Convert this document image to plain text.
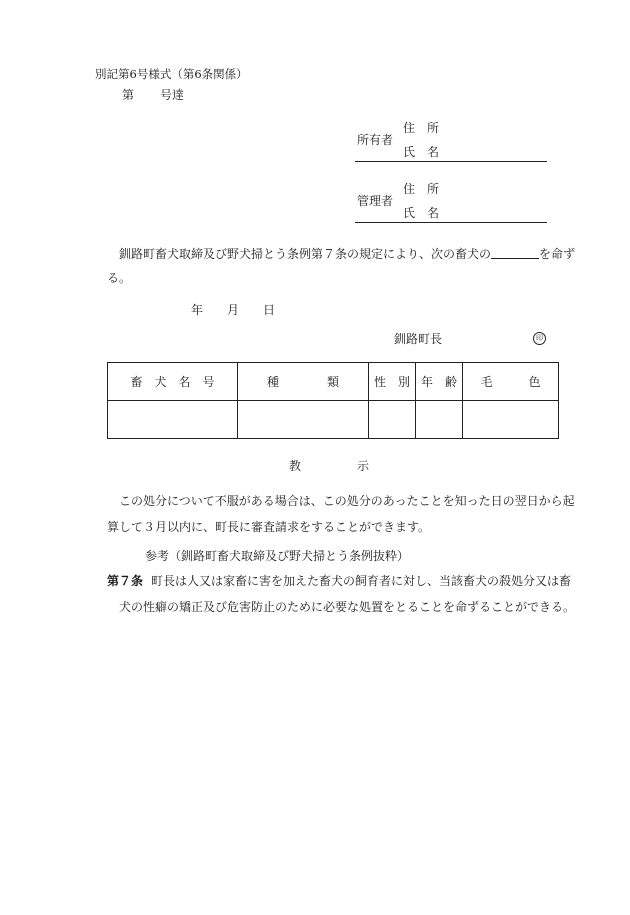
別記第6号様式（第6条関係）
第 号達
所有者
住 所
氏 名
管理者
住 所
氏 名
釧路町畜犬取締及び野犬掃とう条例第７条の規定により、次の畜犬の	を命ずる。
年 月 日
釧路町長	印
畜　犬　名　号	種　　　　類	性　別	年　齢	毛　　　色

教	示
この処分について不服がある場合は、この処分のあったことを知った日の翌日から起算して３月以内に、町長に審査請求をすることができます。
参考（釧路町畜犬取締及び野犬掃とう条例抜粋）
第７条 町長は人又は家畜に害を加えた畜犬の飼育者に対し、当該畜犬の殺処分又は畜犬の性癖の矯正及び危害防止のために必要な処置をとることを命ずることができる。
